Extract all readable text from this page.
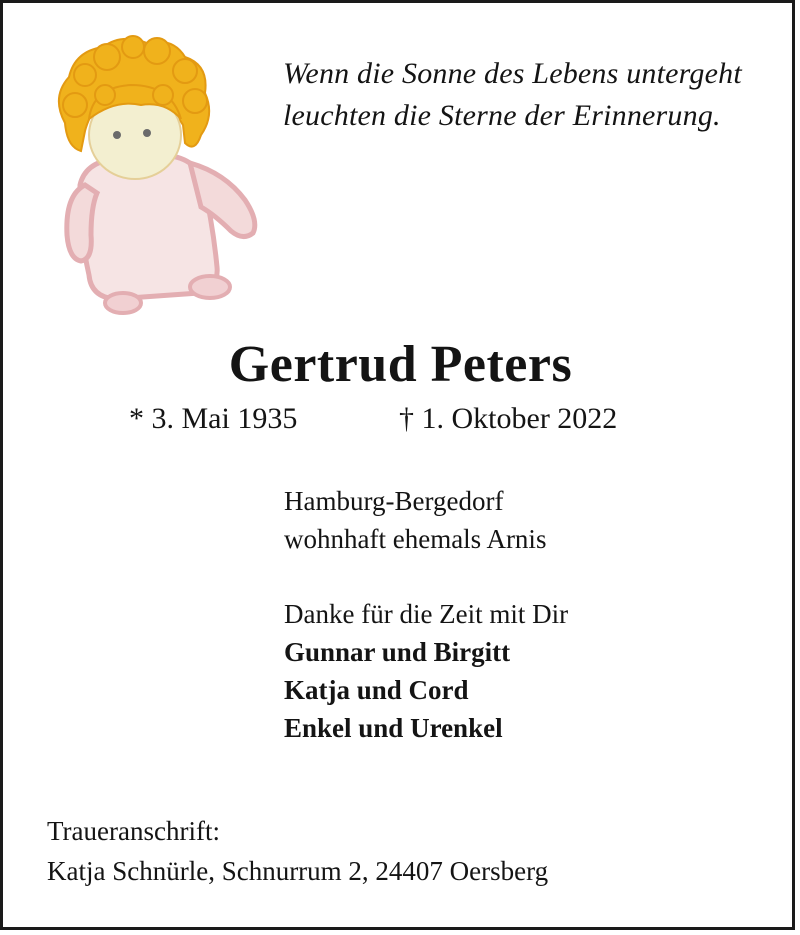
Wenn die Sonne des Lebens untergeht
leuchten die Sterne der Erinnerung.
Gertrud Peters
* 3. Mai 1935	† 1. Oktober 2022
Hamburg-Bergedorf
wohnhaft ehemals Arnis
Danke für die Zeit mit Dir
Gunnar und Birgitt
Katja und Cord
Enkel und Urenkel
Traueranschrift:
Katja Schnürle, Schnurrum 2, 24407 Oersberg
